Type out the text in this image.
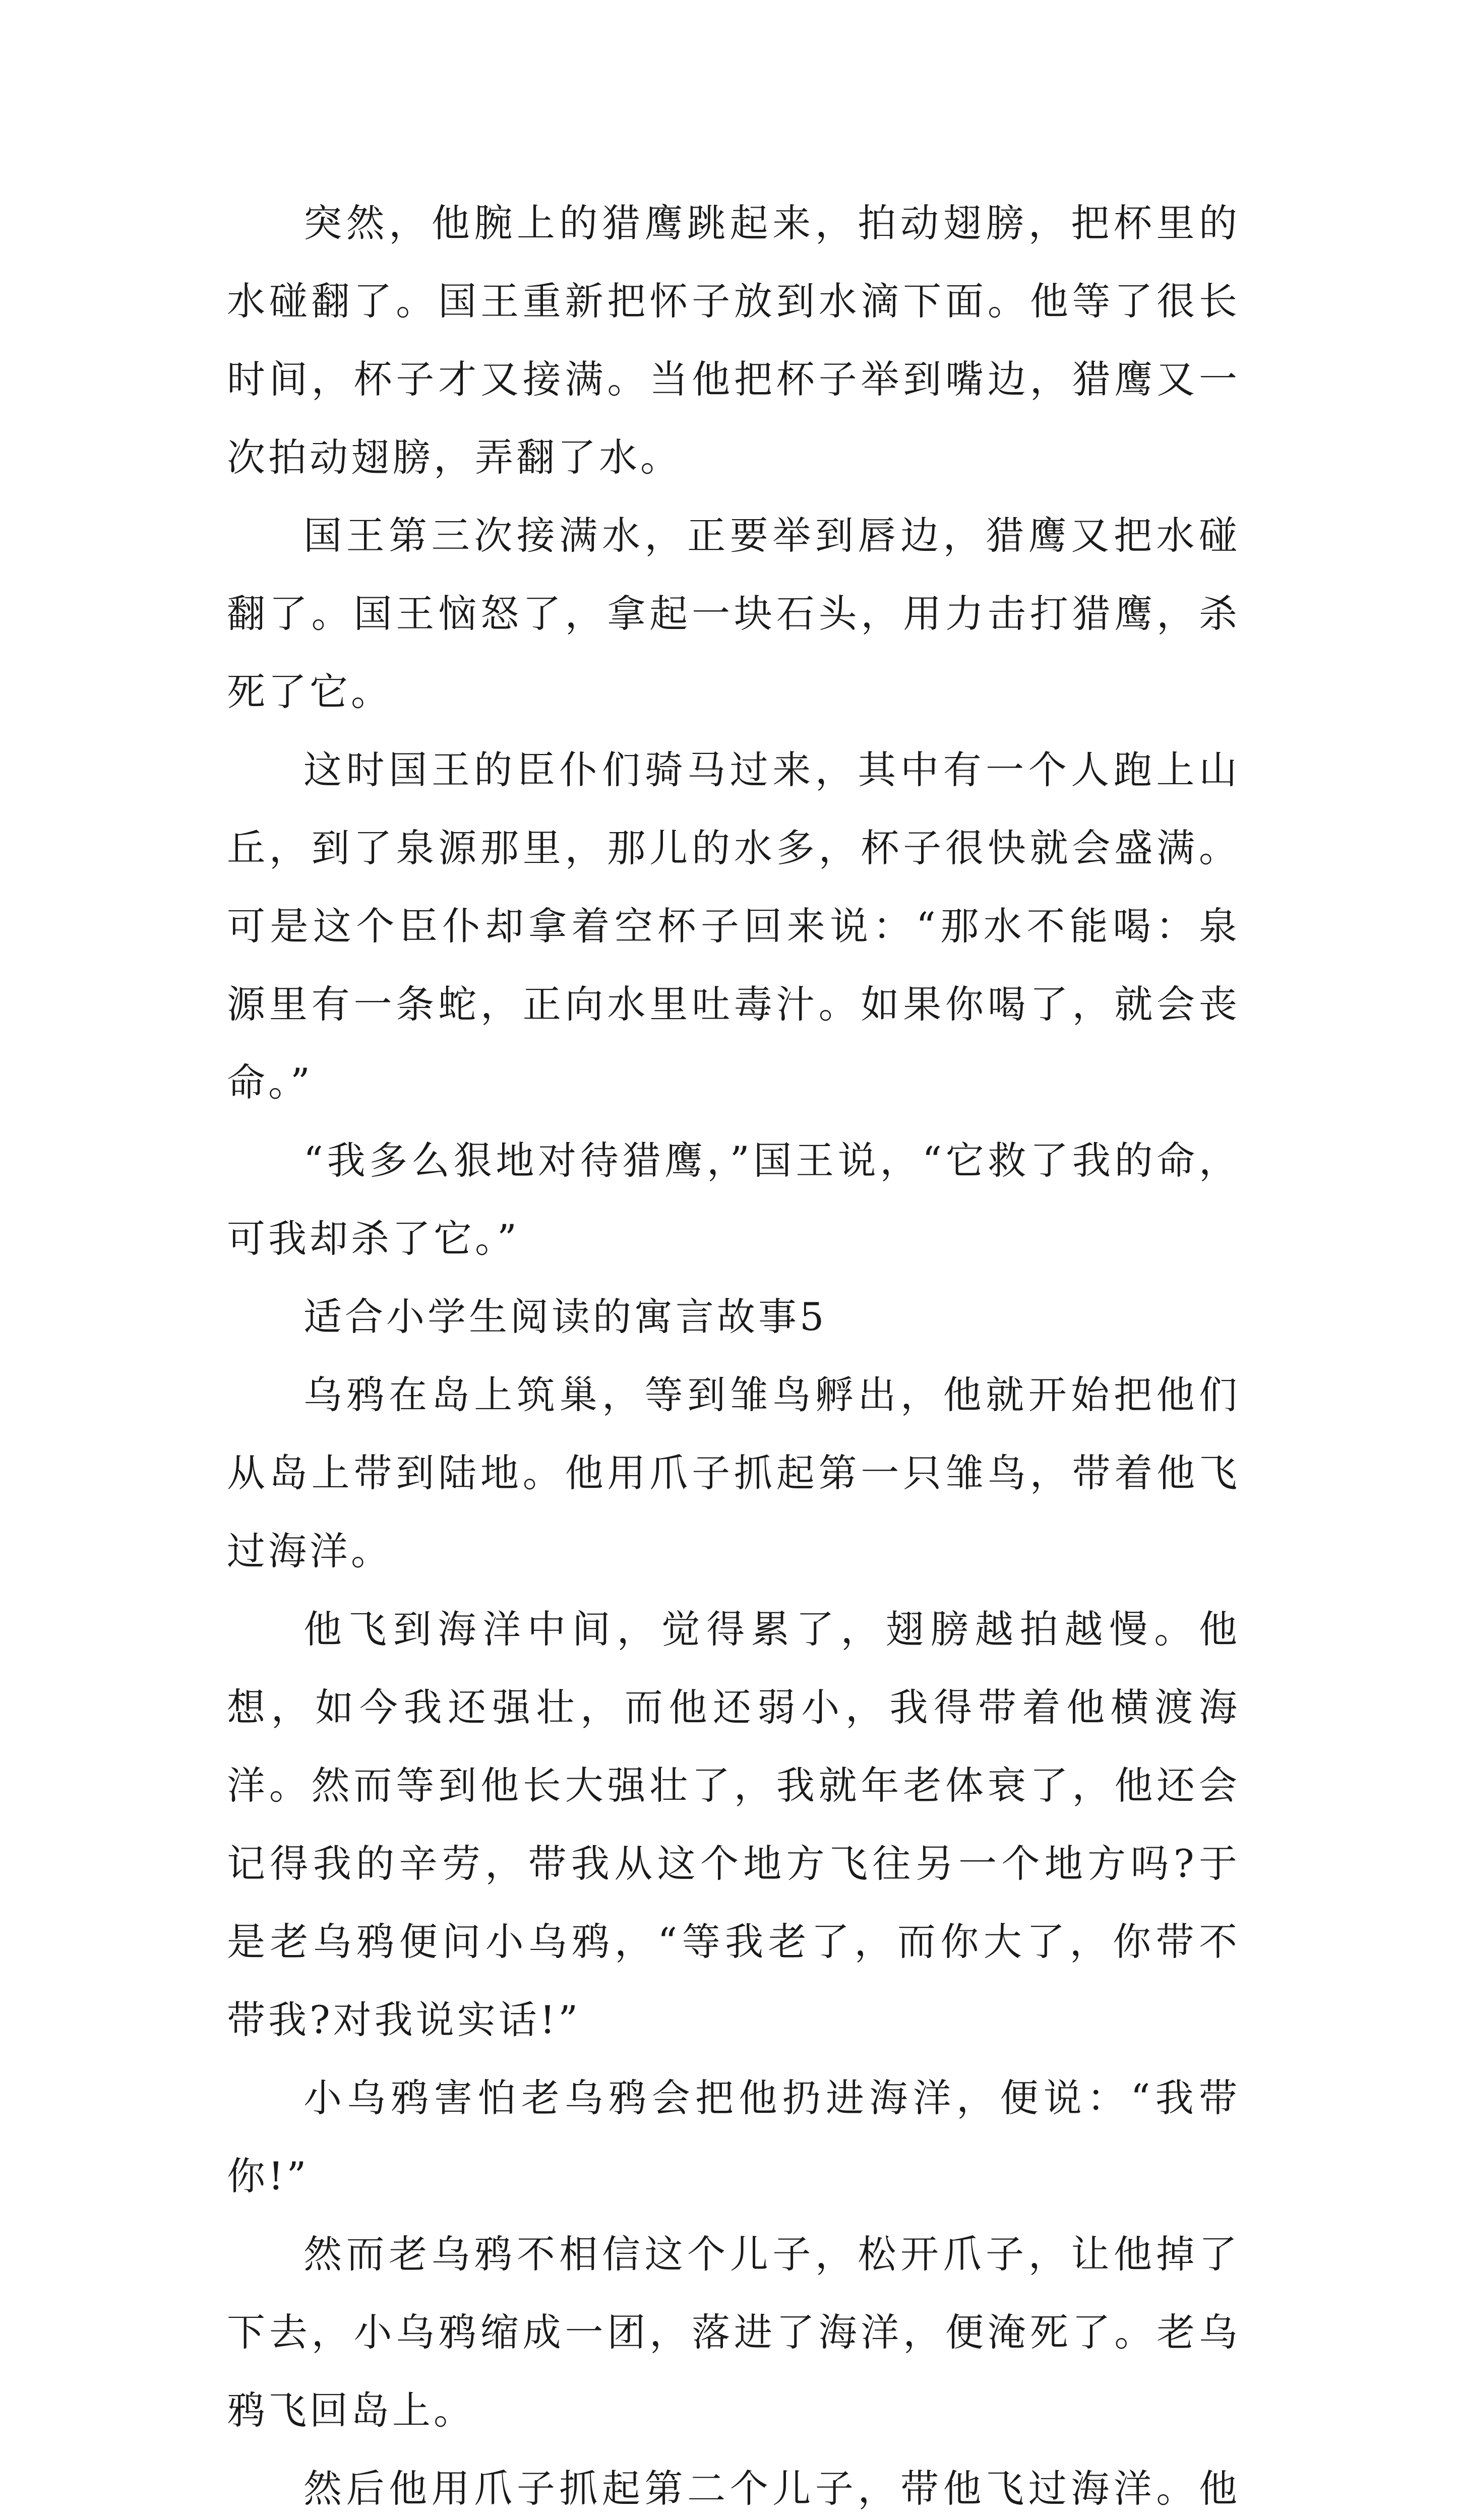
突然，他腕上的猎鹰跳起来，拍动翅膀，把杯里的水碰翻了。国王重新把怀子放到水滴下面。他等了很长时间，杯子才又接满。当他把杯子举到嘴边，猎鹰又一次拍动翅膀，弄翻了水。

国王第三次接满水，正要举到唇边，猎鹰又把水碰翻了。国王恼怒了，拿起一块石头，用力击打猎鹰，杀死了它。

这时国王的臣仆们骑马过来，其中有一个人跑上山丘，到了泉源那里，那儿的水多，杯子很快就会盛满。可是这个臣仆却拿着空杯子回来说：“那水不能喝：泉源里有一条蛇，正向水里吐毒汁。如果你喝了，就会丧命。”

“我多么狠地对待猎鹰，”国王说，“它救了我的命，可我却杀了它。”

适合小学生阅读的寓言故事5

乌鸦在岛上筑巢，等到雏鸟孵出，他就开始把他们从岛上带到陆地。他用爪子抓起第一只雏鸟，带着他飞过海洋。

他飞到海洋中间，觉得累了，翅膀越拍越慢。他想，如今我还强壮，而他还弱小，我得带着他横渡海洋。然而等到他长大强壮了，我就年老体衰了，他还会记得我的辛劳，带我从这个地方飞往另一个地方吗?于是老乌鸦便问小乌鸦，“等我老了，而你大了，你带不带我?对我说实话!”

小乌鸦害怕老乌鸦会把他扔进海洋，便说：“我带你!”

然而老乌鸦不相信这个儿子，松开爪子，让他掉了下去，小乌鸦缩成一团，落进了海洋，便淹死了。老乌鸦飞回岛上。

然后他用爪子抓起第二个儿子，带他飞过海洋。他
